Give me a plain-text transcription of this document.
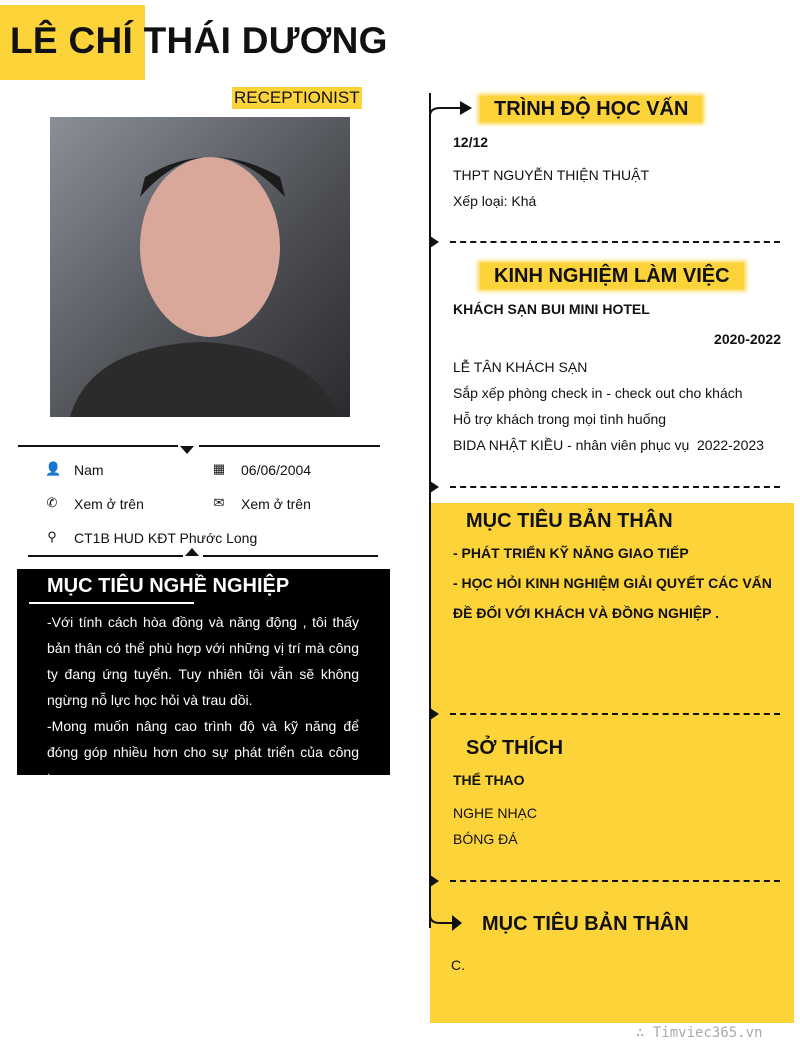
LÊ CHÍ THÁI DƯƠNG
RECEPTIONIST
👤 Nam	▦ 06/06/2004
✆ Xem ở trên	✉ Xem ở trên
⚲ CT1B HUD KĐT Phước Long
MỤC TIÊU NGHỀ NGHIỆP

-Với tính cách hòa đồng và năng động , tôi thấy bản thân có thể phù hợp với những vị trí mà công ty đang ứng tuyển. Tuy nhiên tôi vẫn sẽ không ngừng nỗ lực học hỏi và trau dồi.
-Mong muốn nâng cao trình độ và kỹ năng để đóng góp nhiều hơn cho sự phát triển của công ty.

TRÌNH ĐỘ HỌC VẤN
12/12
THPT NGUYỄN THIỆN THUẬT
Xếp loại: Khá
KINH NGHIỆM LÀM VIỆC
KHÁCH SẠN BUI MINI HOTEL
2020-2022
LỄ TÂN KHÁCH SẠN
Sắp xếp phòng check in - check out cho khách
Hỗ trợ khách trong mọi tình huống
BIDA NHẬT KIỀU - nhân viên phục vụ 2022-2023
MỤC TIÊU BẢN THÂN
- PHÁT TRIỂN KỸ NĂNG GIAO TIẾP
- HỌC HỎI KINH NGHIỆM GIẢI QUYẾT CÁC VẤN
ĐỀ ĐỐI VỚI KHÁCH VÀ ĐỒNG NGHIỆP .
SỞ THÍCH
THỂ THAO
NGHE NHẠC
BÓNG ĐÁ
MỤC TIÊU BẢN THÂN
C.
∴ Timviec365.vn
